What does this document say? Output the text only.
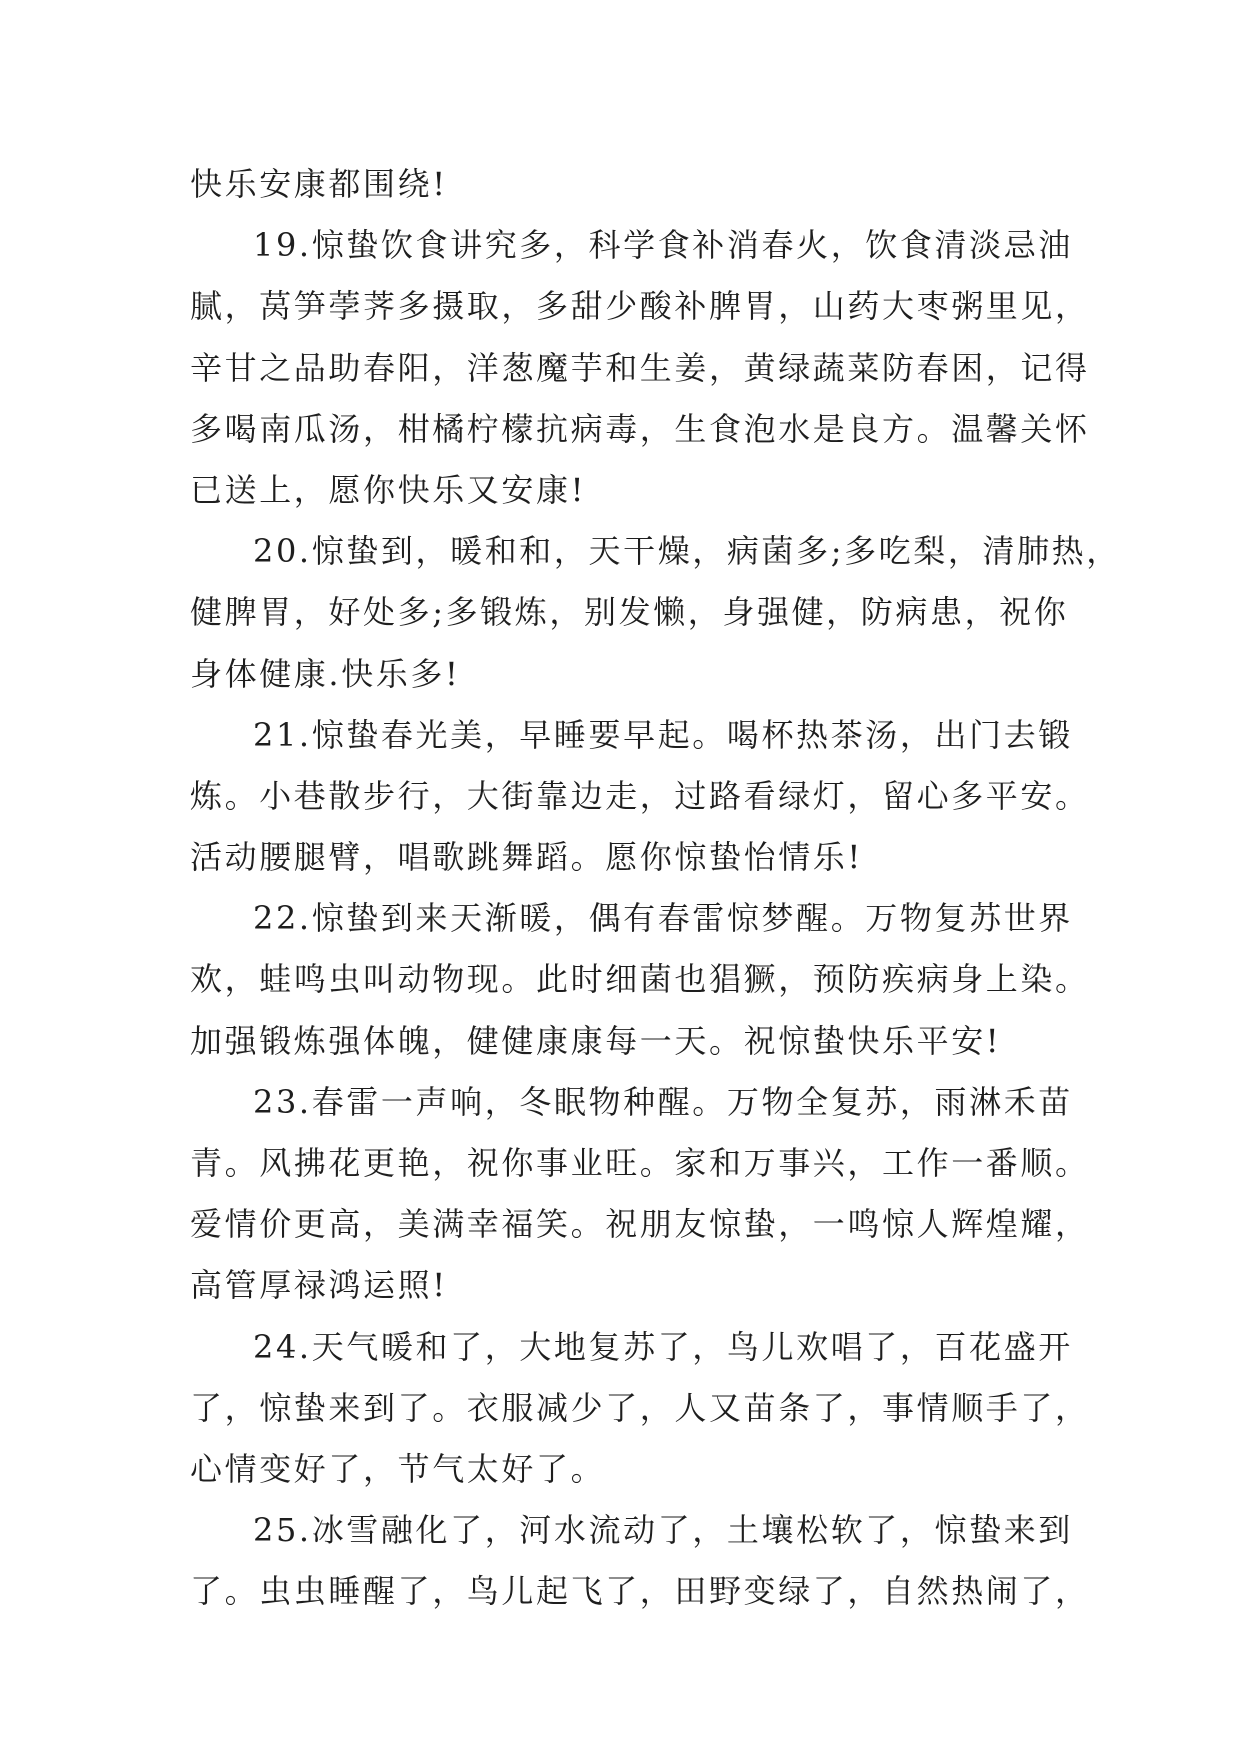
快乐安康都围绕!
19.惊蛰饮食讲究多，科学食补消春火，饮食清淡忌油
腻，莴笋荸荠多摄取，多甜少酸补脾胃，山药大枣粥里见，
辛甘之品助春阳，洋葱魔芋和生姜，黄绿蔬菜防春困，记得
多喝南瓜汤，柑橘柠檬抗病毒，生食泡水是良方。温馨关怀
已送上，愿你快乐又安康!
20.惊蛰到，暖和和，天干燥，病菌多;多吃梨，清肺热，
健脾胃，好处多;多锻炼，别发懒，身强健，防病患，祝你
身体健康.快乐多!
21.惊蛰春光美，早睡要早起。喝杯热茶汤，出门去锻
炼。小巷散步行，大街靠边走，过路看绿灯，留心多平安。
活动腰腿臂，唱歌跳舞蹈。愿你惊蛰怡情乐!
22.惊蛰到来天渐暖，偶有春雷惊梦醒。万物复苏世界
欢，蛙鸣虫叫动物现。此时细菌也猖獗，预防疾病身上染。
加强锻炼强体魄，健健康康每一天。祝惊蛰快乐平安!
23.春雷一声响，冬眠物种醒。万物全复苏，雨淋禾苗
青。风拂花更艳，祝你事业旺。家和万事兴，工作一番顺。
爱情价更高，美满幸福笑。祝朋友惊蛰，一鸣惊人辉煌耀，
高管厚禄鸿运照!
24.天气暖和了，大地复苏了，鸟儿欢唱了，百花盛开
了，惊蛰来到了。衣服减少了，人又苗条了，事情顺手了，
心情变好了，节气太好了。
25.冰雪融化了，河水流动了，土壤松软了，惊蛰来到
了。虫虫睡醒了，鸟儿起飞了，田野变绿了，自然热闹了，
